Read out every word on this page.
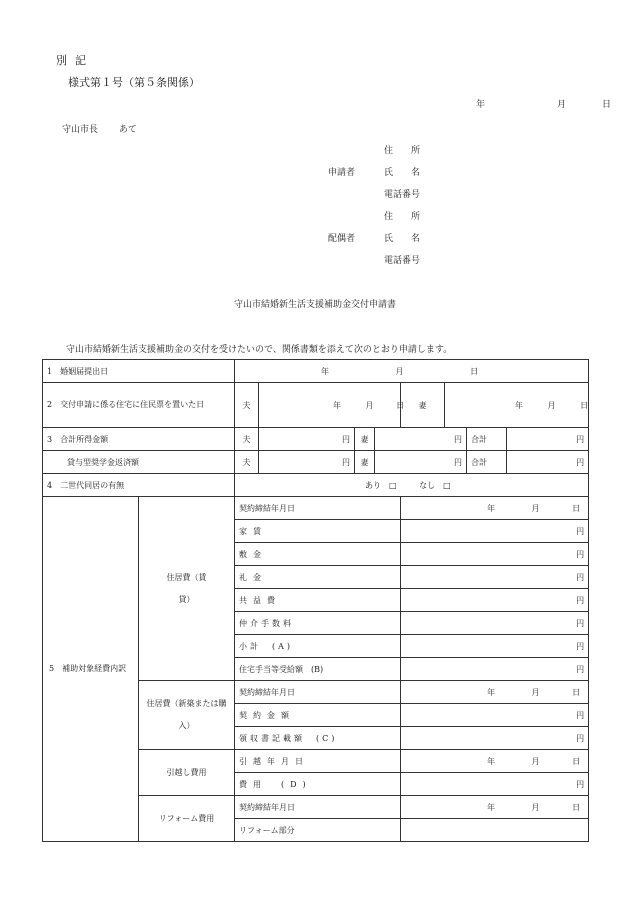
別記
様式第１号（第５条関係）
年	月	日
守山市長 あて
住　　所
申請者	氏　　名
電話番号
住　　所
配偶者	氏　　名
電話番号
守山市結婚新生活支援補助金交付申請書
守山市結婚新生活支援補助金の交付を受けたいので、関係書類を添えて次のとおり申請します。
1　婚姻届提出日		年 月 日							
2　交付申請に係る住宅に住民票を置いた日		夫	年 月 日			妻	年 月 日		
3　合計所得金額		夫	円	妻	円			合計	円
貸与型奨学金返済額		夫	円	妻	円			合計	円
4　二世代同居の有無		あり　□ なし　□							
5　補助対象経費内訳	住居費（賃貸）	契約締結年月日				年 月 日			
		家賃				円			
		敷金				円			
		礼金				円			
		共益費				円			
		仲介手数料				円			
		小計　(A)				円			
		住宅手当等受給額　(B)				円			
	住居費（新築または購入）	契約締結年月日				年 月 日			
		契約金額				円			
		領収書記載額　(C)				円			
	引越し費用	引越年月日				年 月 日			
		費用　(D)				円			
	リフォーム費用	契約締結年月日				年 月 日			
		リフォーム部分							
